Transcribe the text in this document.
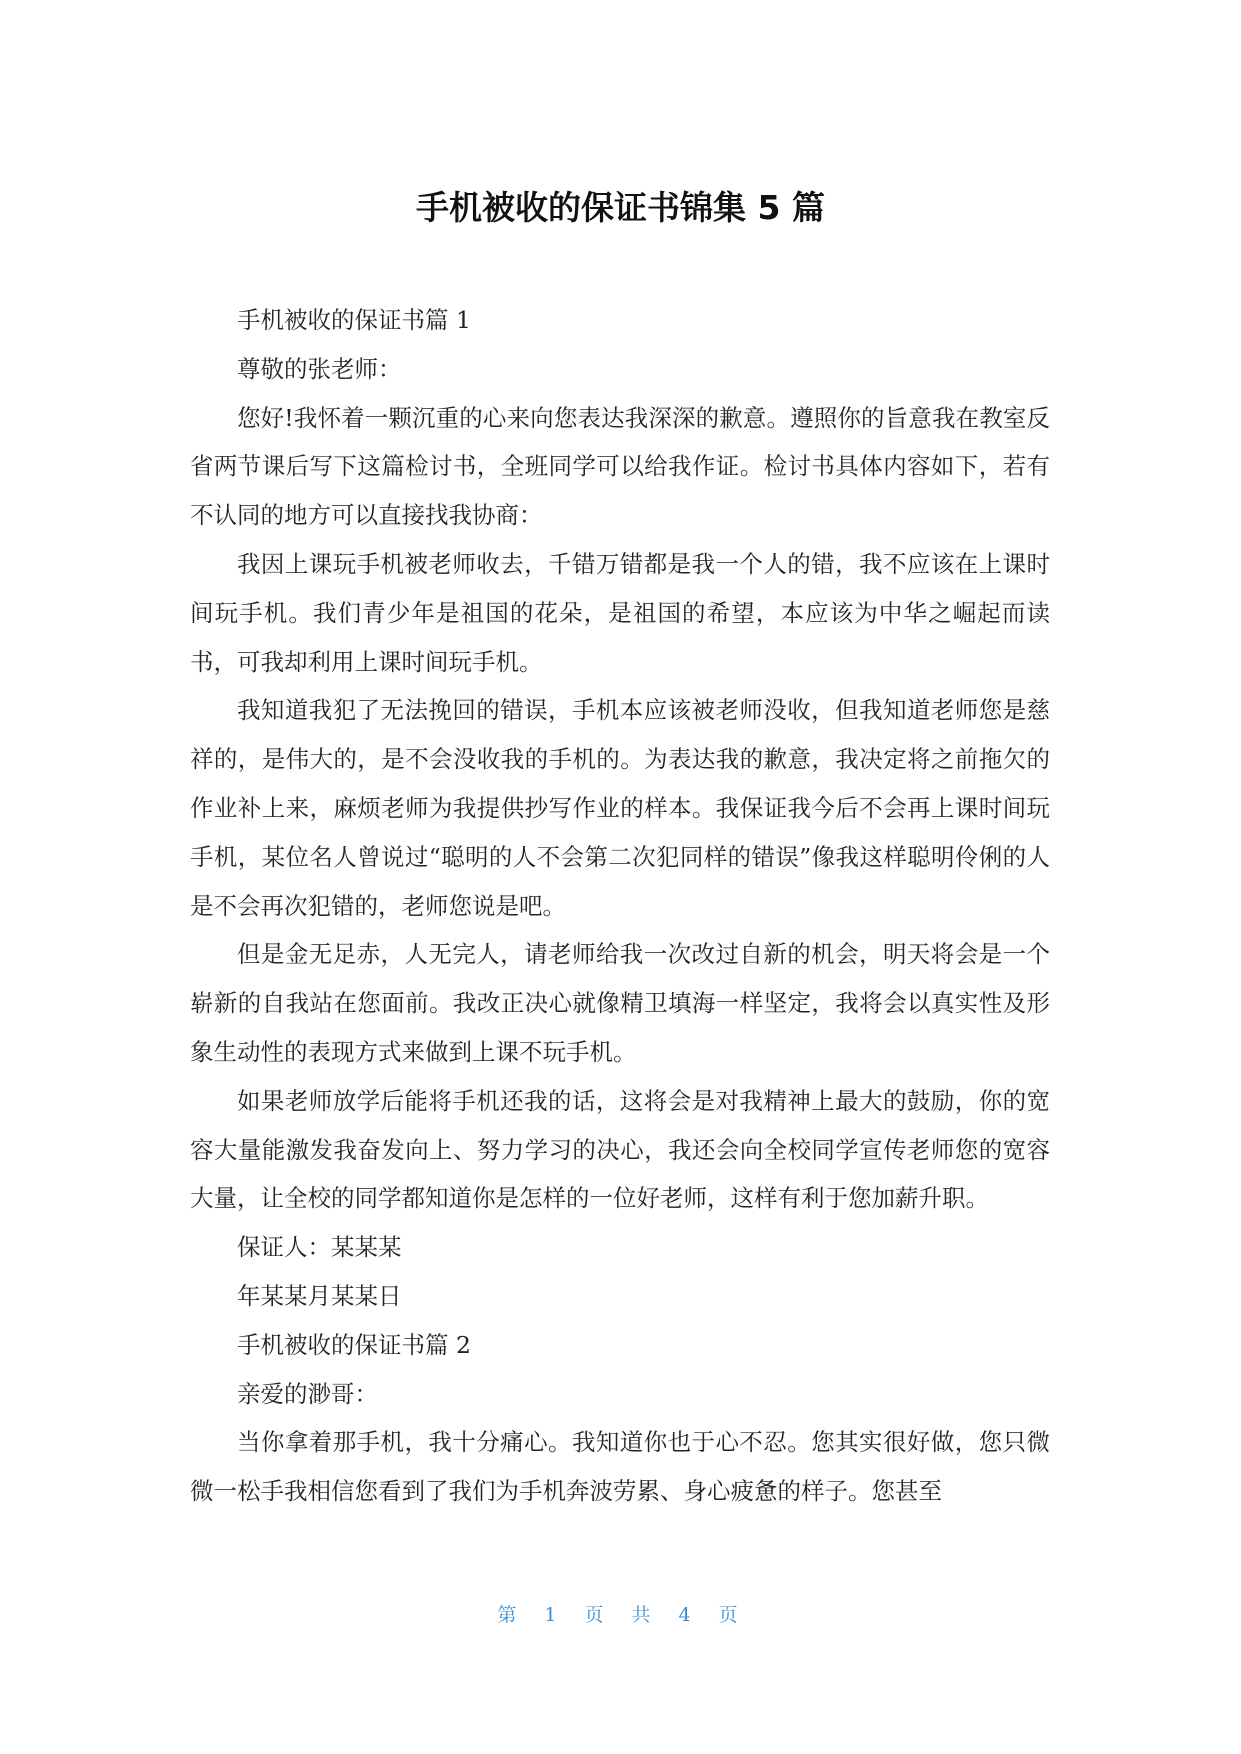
手机被收的保证书锦集 5 篇

手机被收的保证书篇 1

尊敬的张老师：

您好!我怀着一颗沉重的心来向您表达我深深的歉意。遵照你的旨意我在教室反省两节课后写下这篇检讨书，全班同学可以给我作证。检讨书具体内容如下，若有不认同的地方可以直接找我协商：

我因上课玩手机被老师收去，千错万错都是我一个人的错，我不应该在上课时间玩手机。我们青少年是祖国的花朵，是祖国的希望，本应该为中华之崛起而读书，可我却利用上课时间玩手机。

我知道我犯了无法挽回的错误，手机本应该被老师没收，但我知道老师您是慈祥的，是伟大的，是不会没收我的手机的。为表达我的歉意，我决定将之前拖欠的作业补上来，麻烦老师为我提供抄写作业的样本。我保证我今后不会再上课时间玩手机，某位名人曾说过“聪明的人不会第二次犯同样的错误”像我这样聪明伶俐的人是不会再次犯错的，老师您说是吧。

但是金无足赤，人无完人，请老师给我一次改过自新的机会，明天将会是一个崭新的自我站在您面前。我改正决心就像精卫填海一样坚定，我将会以真实性及形象生动性的表现方式来做到上课不玩手机。

如果老师放学后能将手机还我的话，这将会是对我精神上最大的鼓励，你的宽容大量能激发我奋发向上、努力学习的决心，我还会向全校同学宣传老师您的宽容大量，让全校的同学都知道你是怎样的一位好老师，这样有利于您加薪升职。

保证人：某某某

年某某月某某日

手机被收的保证书篇 2

亲爱的渺哥：

当你拿着那手机，我十分痛心。我知道你也于心不忍。您其实很好做，您只微微一松手我相信您看到了我们为手机奔波劳累、身心疲惫的样子。您甚至

第 1 页 共 4 页
